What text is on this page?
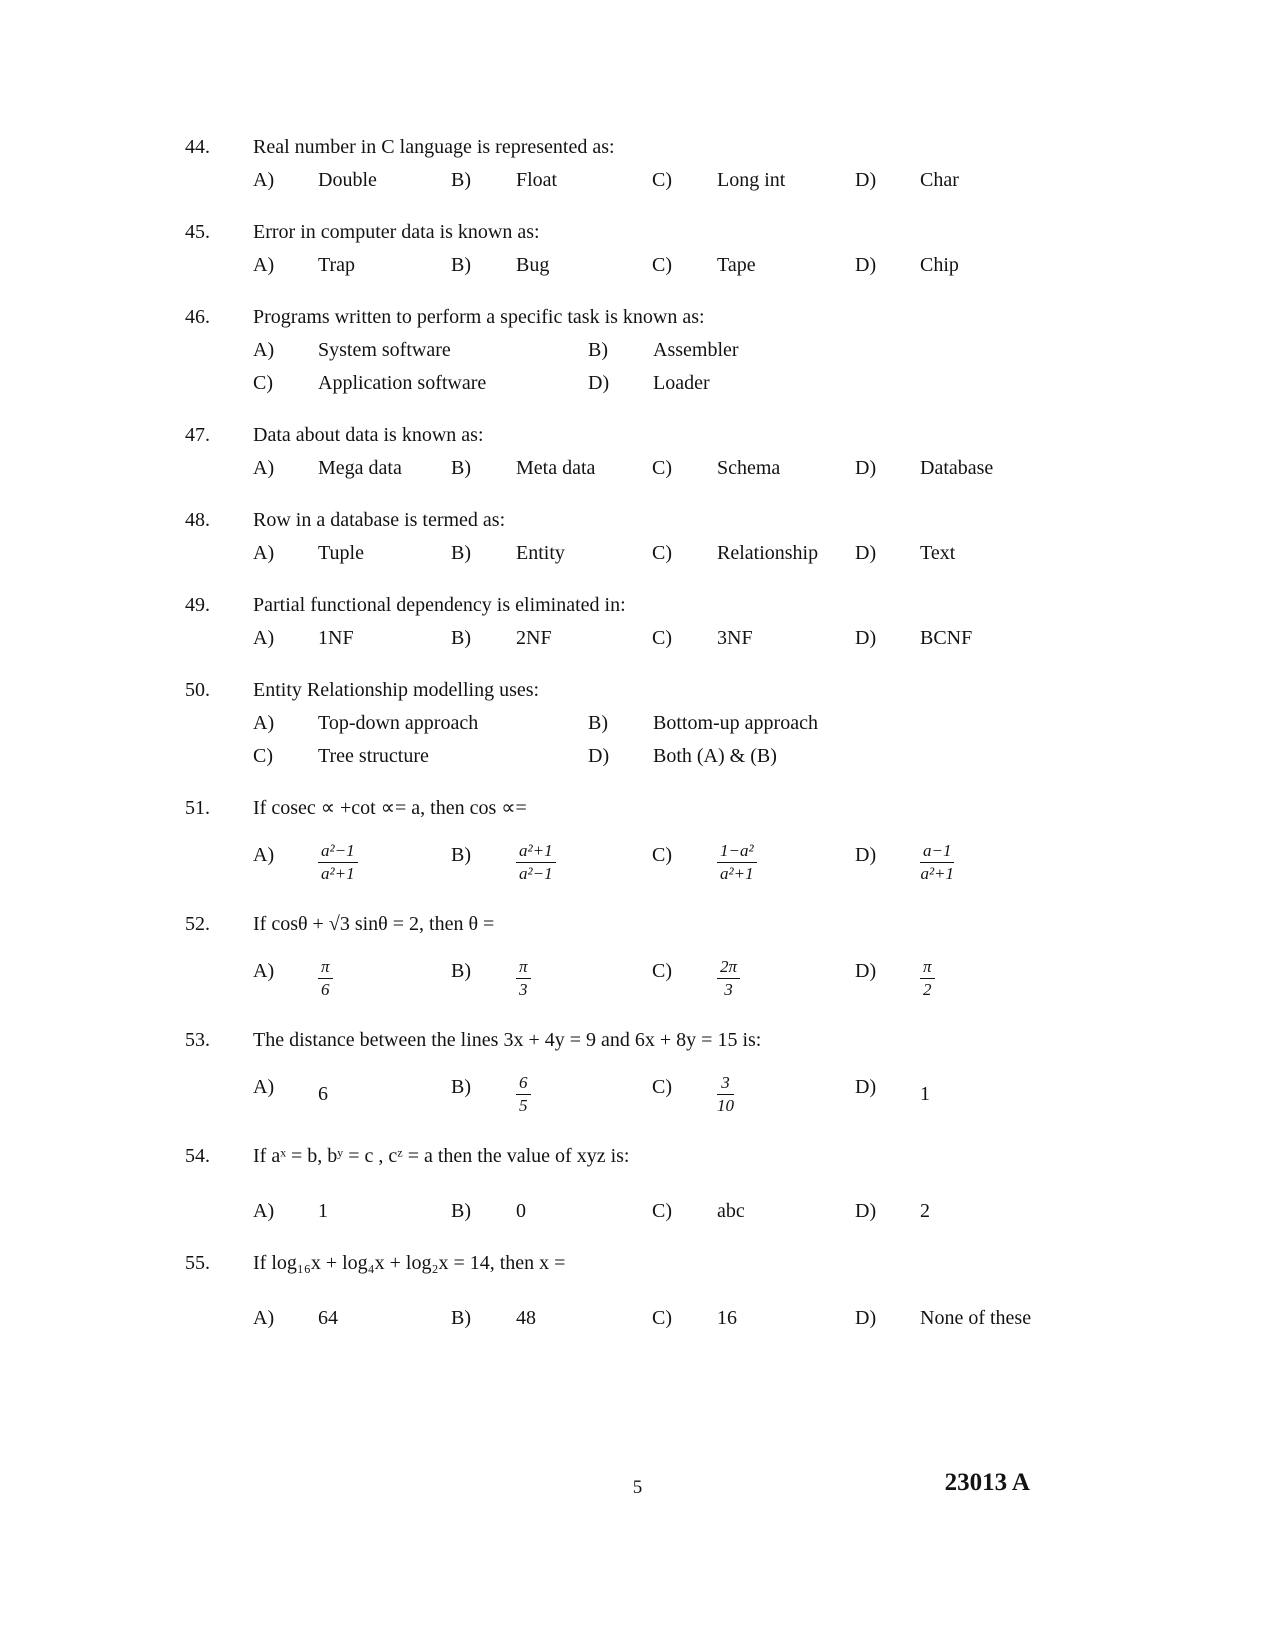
44.	Real number in C language is represented as:
A)	Double	B)	Float	C)	Long int	D)	Char
45.	Error in computer data is known as:
A)	Trap	B)	Bug	C)	Tape	D)	Chip
46.	Programs written to perform a specific task is known as:
A)	System software	B)	Assembler
C)	Application software	D)	Loader
47.	Data about data is known as:
A)	Mega data B)	Meta data	C)	Schema	D)	Database
48.	Row in a database is termed as:
A)	Tuple	B)	Entity	C)	Relationship D)	Text
49.	Partial functional dependency is eliminated in:
A)	1NF	B)	2NF	C)	3NF	D)	BCNF
50.	Entity Relationship modelling uses:
A)	Top-down approach	B)	Bottom-up approach
C)	Tree structure	D)	Both (A) & (B)
51.	If cosec ∝ +cot ∝= a, then cos ∝=
A)	$\frac{\text{a²−1}}{\text{a²+1}}$	B)	$\frac{\text{a²+1}}{\text{a²−1}}$	C)	$\frac{\text{1−a²}}{\text{a²+1}}$	D)	$\frac{a-1}{\text{a²+1}}$
52.	If cosθ + √3 sinθ = 2, then θ =
A)	$\frac{\pi}{6}$	B)	$\frac{\pi}{3}$	C)	$\frac{2\pi}{3}$	D)	$\frac{\pi}{2}$
53.	The distance between the lines 3x + 4y = 9 and 6x + 8y = 15 is:
A)	6	B)	$\frac{6}{5}$	C)	$\frac{3}{10}$	D)	1
54.	If aˣ = b, bʸ = c , cᶻ = a then the value of xyz is:
A)	1	B)	0	C)	abc	D)	2
55.	If log₁₆x + log₄x + log₂x = 14, then x =
A)	64	B)	48	C)	16	D)	None of these
5	23013 A
